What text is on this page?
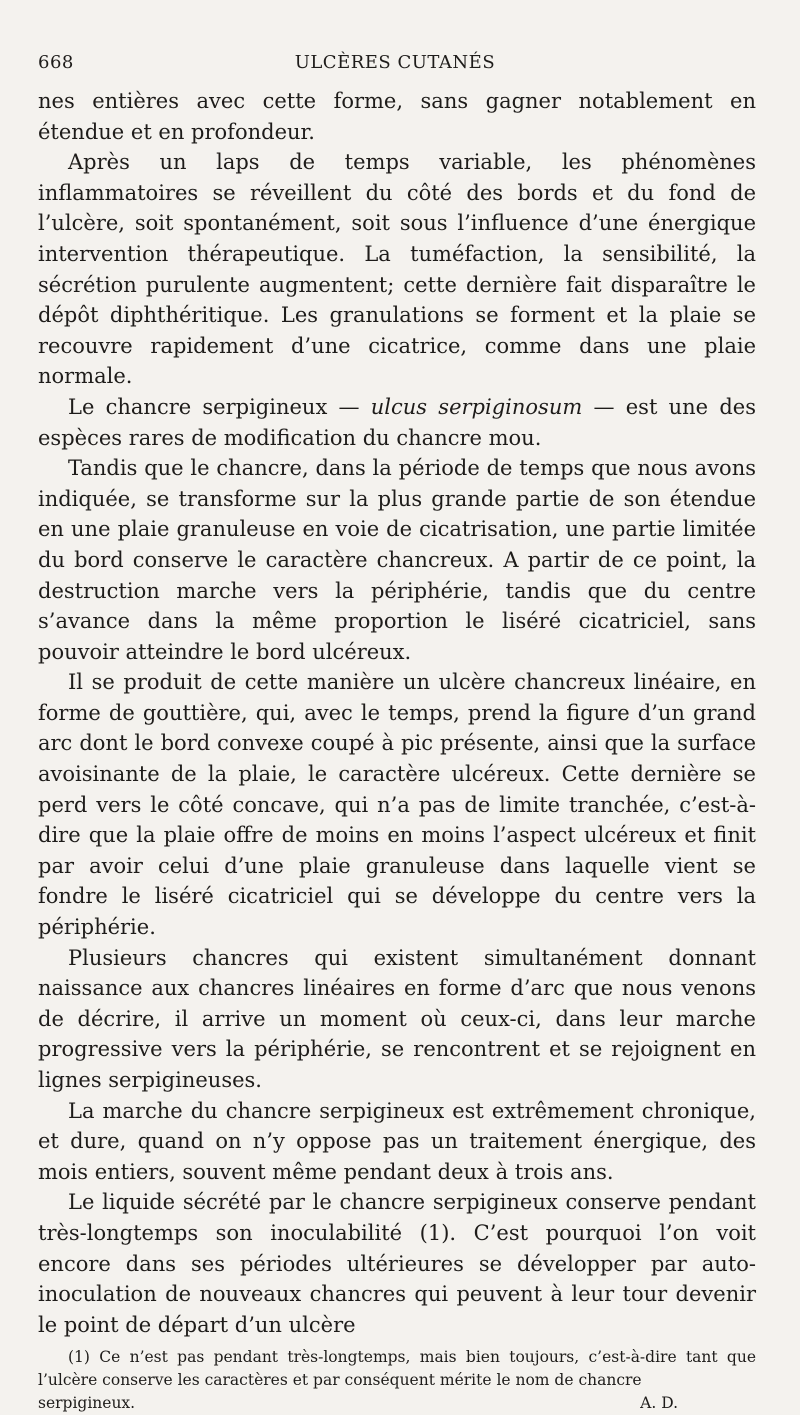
668	ULCÈRES CUTANÉS

nes entières avec cette forme, sans gagner notablement en étendue et en profondeur.

Après un laps de temps variable, les phénomènes inflammatoires se réveillent du côté des bords et du fond de l’ulcère, soit spontanément, soit sous l’influence d’une énergique intervention thérapeutique. La tuméfaction, la sensibilité, la sécrétion purulente augmentent; cette dernière fait disparaître le dépôt diphthéritique. Les granulations se forment et la plaie se recouvre rapidement d’une cicatrice, comme dans une plaie normale.

Le chancre serpigineux — ulcus serpiginosum — est une des espèces rares de modification du chancre mou.

Tandis que le chancre, dans la période de temps que nous avons indiquée, se transforme sur la plus grande partie de son étendue en une plaie granuleuse en voie de cicatrisation, une partie limitée du bord conserve le caractère chancreux. A partir de ce point, la destruction marche vers la périphérie, tandis que du centre s’avance dans la même proportion le liséré cicatriciel, sans pouvoir atteindre le bord ulcéreux.

Il se produit de cette manière un ulcère chancreux linéaire, en forme de gouttière, qui, avec le temps, prend la figure d’un grand arc dont le bord convexe coupé à pic présente, ainsi que la surface avoisinante de la plaie, le caractère ulcéreux. Cette dernière se perd vers le côté concave, qui n’a pas de limite tranchée, c’est-à-dire que la plaie offre de moins en moins l’aspect ulcéreux et finit par avoir celui d’une plaie granuleuse dans laquelle vient se fondre le liséré cicatriciel qui se développe du centre vers la périphérie.

Plusieurs chancres qui existent simultanément donnant naissance aux chancres linéaires en forme d’arc que nous venons de décrire, il arrive un moment où ceux-ci, dans leur marche progressive vers la périphérie, se rencontrent et se rejoignent en lignes serpigineuses.

La marche du chancre serpigineux est extrêmement chronique, et dure, quand on n’y oppose pas un traitement énergique, des mois entiers, souvent même pendant deux à trois ans.

Le liquide sécrété par le chancre serpigineux conserve pendant très-longtemps son inoculabilité (1). C’est pourquoi l’on voit encore dans ses périodes ultérieures se développer par auto-inoculation de nouveaux chancres qui peuvent à leur tour devenir le point de départ d’un ulcère

(1) Ce n’est pas pendant très-longtemps, mais bien toujours, c’est-à-dire tant que l’ulcère conserve les caractères et par conséquent mérite le nom de chancre

serpigineux.	A. D.
